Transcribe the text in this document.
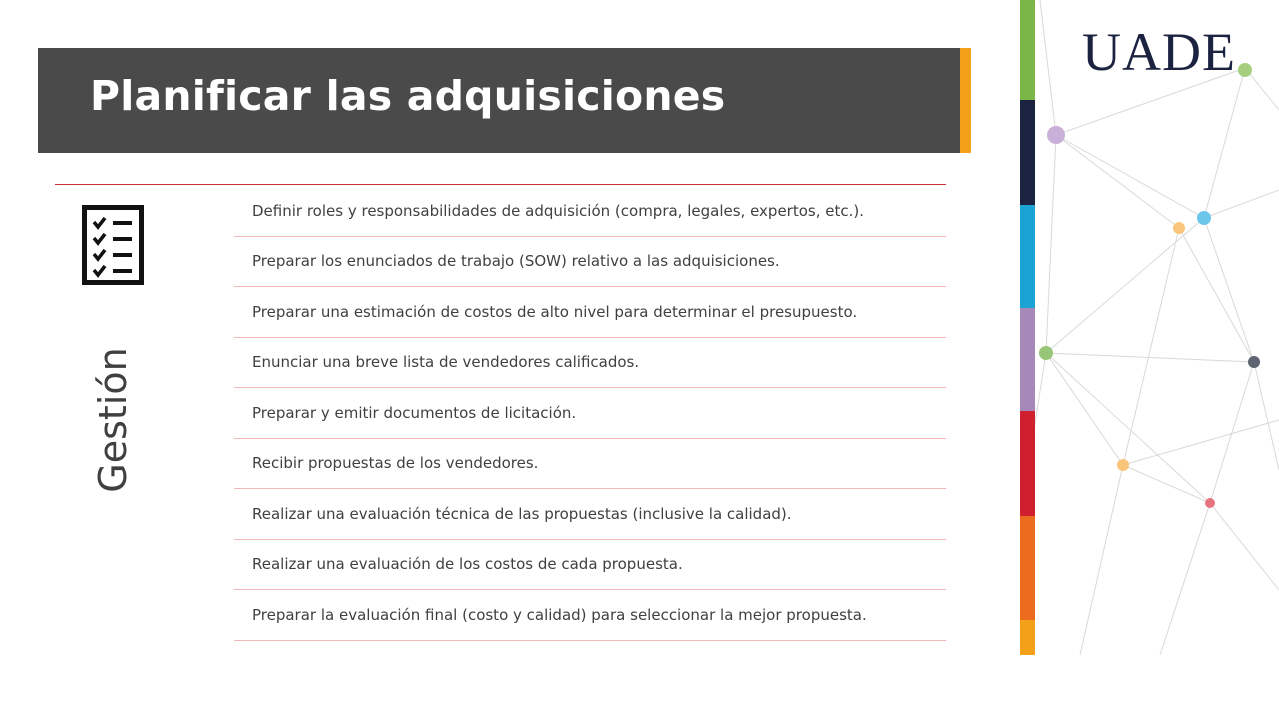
Planificar las adquisiciones
Gestión
Definir roles y responsabilidades de adquisición (compra, legales, expertos, etc.).
Preparar los enunciados de trabajo (SOW) relativo a las adquisiciones.
Preparar una estimación de costos de alto nivel para determinar el presupuesto.
Enunciar una breve lista de vendedores calificados.
Preparar y emitir documentos de licitación.
Recibir propuestas de los vendedores.
Realizar una evaluación técnica de las propuestas (inclusive la calidad).
Realizar una evaluación de los costos de cada propuesta.
Preparar la evaluación final (costo y calidad) para seleccionar la mejor propuesta.
UADE
